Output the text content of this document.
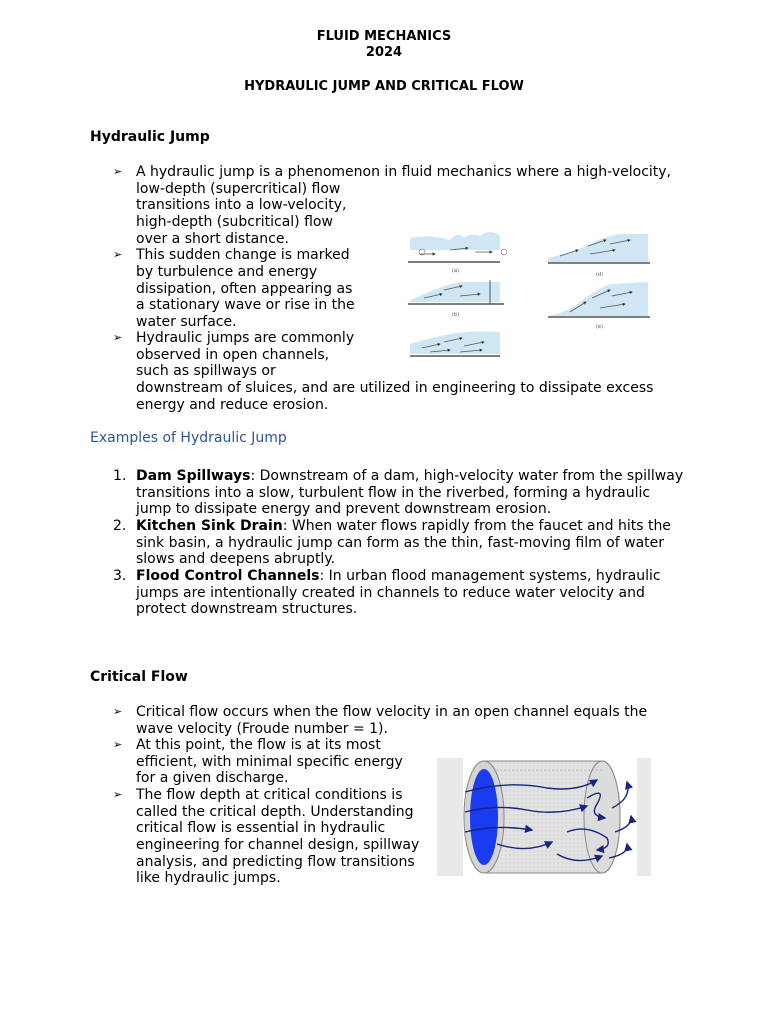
FLUID MECHANICS
2024
HYDRAULIC JUMP AND CRITICAL FLOW
Hydraulic Jump
➢ A hydraulic jump is a phenomenon in fluid mechanics where a high-velocity,
low-depth (supercritical) flow
transitions into a low-velocity,
high-depth (subcritical) flow
over a short distance.
➢ This sudden change is marked
by turbulence and energy
dissipation, often appearing as
a stationary wave or rise in the
water surface.
➢ Hydraulic jumps are commonly
observed in open channels,
such as spillways or
downstream of sluices, and are utilized in engineering to dissipate excess
energy and reduce erosion.
(a)
(d)
(b)
(e)
Examples of Hydraulic Jump
1. Dam Spillways: Downstream of a dam, high-velocity water from the spillway
transitions into a slow, turbulent flow in the riverbed, forming a hydraulic
jump to dissipate energy and prevent downstream erosion.
2. Kitchen Sink Drain: When water flows rapidly from the faucet and hits the
sink basin, a hydraulic jump can form as the thin, fast-moving film of water
slows and deepens abruptly.
3. Flood Control Channels: In urban flood management systems, hydraulic
jumps are intentionally created in channels to reduce water velocity and
protect downstream structures.
Critical Flow
➢ Critical flow occurs when the flow velocity in an open channel equals the
wave velocity (Froude number = 1).
➢ At this point, the flow is at its most
efficient, with minimal specific energy
for a given discharge.
➢ The flow depth at critical conditions is
called the critical depth. Understanding
critical flow is essential in hydraulic
engineering for channel design, spillway
analysis, and predicting flow transitions
like hydraulic jumps.
